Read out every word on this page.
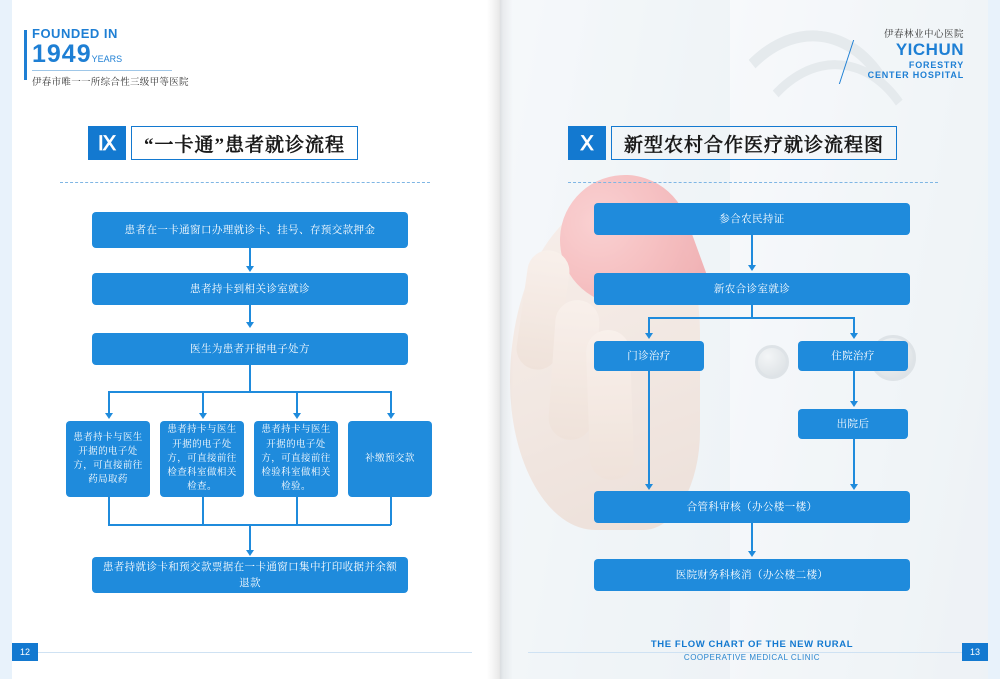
FOUNDED IN
1949YEARS
伊春市唯一一所综合性三级甲等医院
Ⅸ	“一卡通”患者就诊流程
患者在一卡通窗口办理就诊卡、挂号、存预交款押金
患者持卡到相关诊室就诊
医生为患者开据电子处方
患者持卡与医生开据的电子处方，可直接前往药局取药
患者持卡与医生开据的电子处方，可直接前往检查科室做相关检查。
患者持卡与医生开据的电子处方，可直接前往检验科室做相关检验。
补缴预交款
患者持就诊卡和预交款票据在一卡通窗口集中打印收据并余额退款
12
伊春林业中心医院
YICHUN
FORESTRY
CENTER HOSPITAL
Ⅹ	新型农村合作医疗就诊流程图
参合农民持证
新农合诊室就诊
门诊治疗	住院治疗
出院后
合管科审核（办公楼一楼）
医院财务科核消（办公楼二楼）
THE FLOW CHART OF THE NEW RURAL
COOPERATIVE MEDICAL CLINIC
13
